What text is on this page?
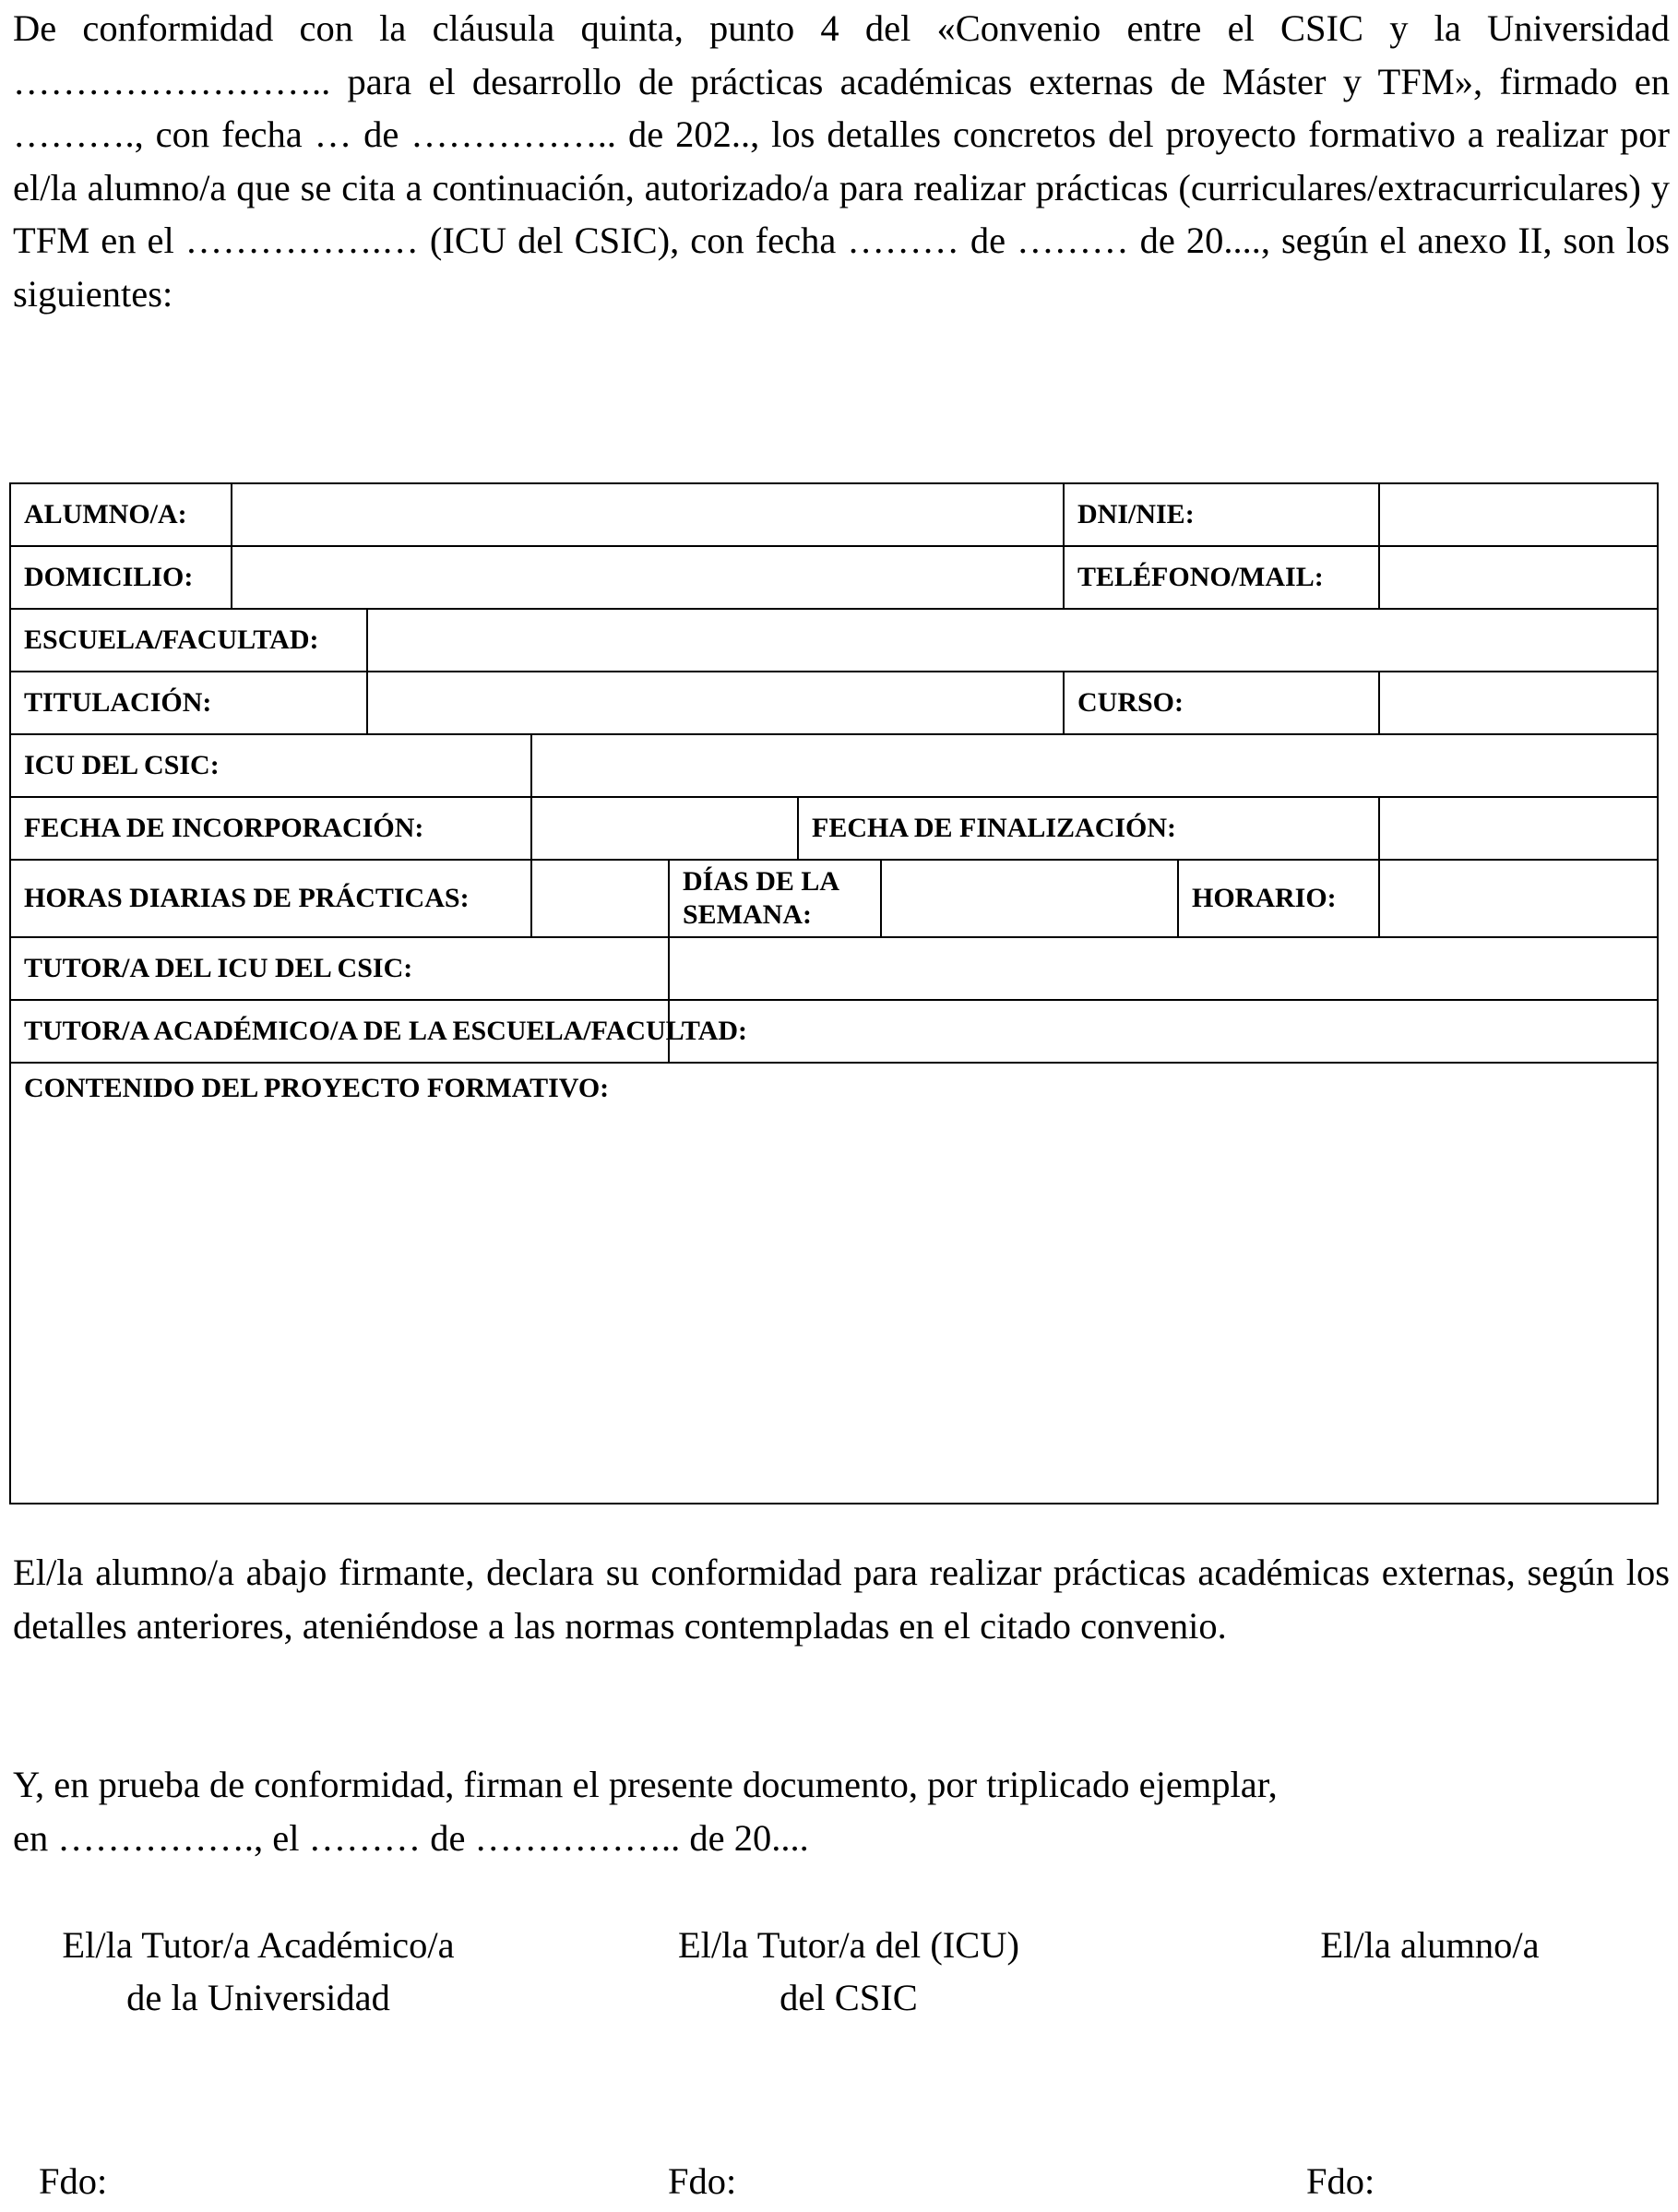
De conformidad con la cláusula quinta, punto 4 del «Convenio entre el CSIC y la Universidad …………………….. para el desarrollo de prácticas académicas externas de Máster y TFM», firmado en ………., con fecha … de …………….. de 202.., los detalles concretos del proyecto formativo a realizar por el/la alumno/a que se cita a continuación, autorizado/a para realizar prácticas (curriculares/extracurriculares) y TFM en el …………….… (ICU del CSIC), con fecha ……… de ……… de 20...., según el anexo II, son los siguientes:

ALUMNO/A:							DNI/NIE:		
DOMICILIO:							TELÉFONO/MAIL:		
ESCUELA/FACULTAD:									
TITULACIÓN:							CURSO:		
ICU DEL CSIC:									
FECHA DE INCORPORACIÓN:					FECHA DE FINALIZACIÓN:				
HORAS DIARIAS DE PRÁCTICAS:				DÍAS DE LA SEMANA:				HORARIO:	
TUTOR/A DEL ICU DEL CSIC:									
TUTOR/A ACADÉMICO/A DE LA ESCUELA/FACULTAD:									

CONTENIDO DEL PROYECTO FORMATIVO:									

El/la alumno/a abajo firmante, declara su conformidad para realizar prácticas académicas externas, según los detalles anteriores, ateniéndose a las normas contempladas en el citado convenio.

Y, en prueba de conformidad, firman el presente documento, por triplicado ejemplar,

en ……………., el ……… de …………….. de 20....

El/la Tutor/a Académico/a
de la Universidad
El/la Tutor/a del (ICU)
del CSIC
El/la alumno/a
Fdo:	Fdo:	Fdo:
